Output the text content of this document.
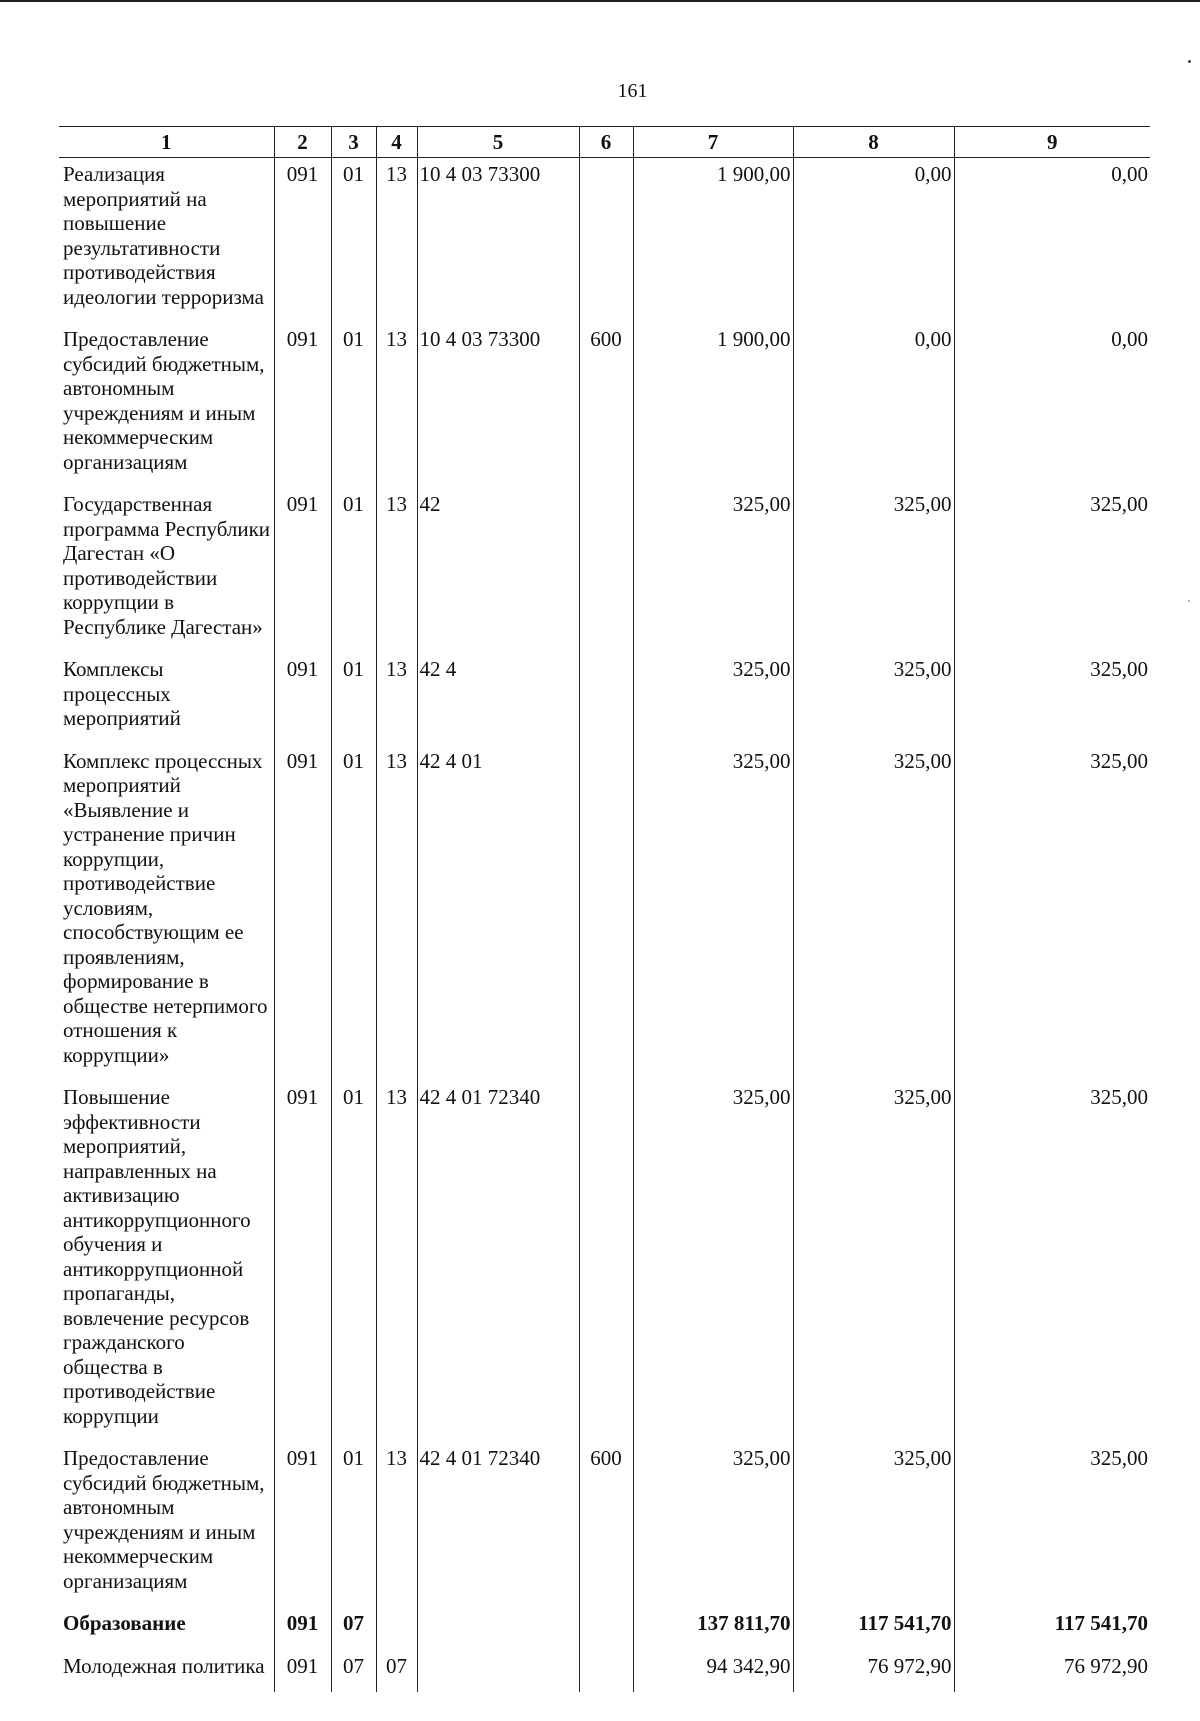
161
1	2	3	4	5	6	7	8	9
Реализация мероприятий на повышение результативности противодействия идеологии терроризма	091	01	13	10 4 03 73300		1 900,00	0,00	0,00
Предоставление субсидий бюджетным, автономным учреждениям и иным некоммерческим организациям	091	01	13	10 4 03 73300	600	1 900,00	0,00	0,00
Государственная программа Республики Дагестан «О противодействии коррупции в Республике Дагестан»	091	01	13	42		325,00	325,00	325,00
Комплексы процессных мероприятий	091	01	13	42 4		325,00	325,00	325,00
Комплекс процессных мероприятий «Выявление и устранение причин коррупции, противодействие условиям, способствующим ее проявлениям, формирование в обществе нетерпимого отношения к коррупции»	091	01	13	42 4 01		325,00	325,00	325,00
Повышение эффективности мероприятий, направленных на активизацию антикоррупционного обучения и антикоррупционной пропаганды, вовлечение ресурсов гражданского общества в противодействие коррупции	091	01	13	42 4 01 72340		325,00	325,00	325,00
Предоставление субсидий бюджетным, автономным учреждениям и иным некоммерческим организациям	091	01	13	42 4 01 72340	600	325,00	325,00	325,00
Образование	091	07				137 811,70	117 541,70	117 541,70
Молодежная политика	091	07	07			94 342,90	76 972,90	76 972,90
